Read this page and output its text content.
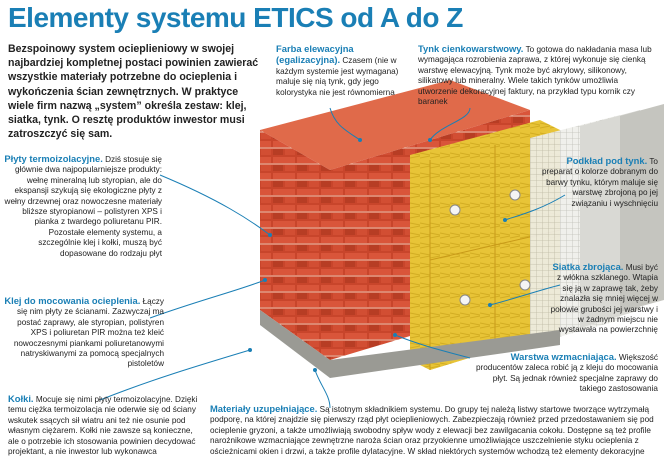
Elementy systemu ETICS od A do Z
Bezspoinowy system ocieplieniowy w swojej najbardziej kompletnej postaci powinien zawierać wszystkie materiały potrzebne do ocieplenia i wykończenia ścian zewnętrznych. W praktyce wiele firm nazwą „system” określa zestaw: klej, siatka, tynk. O resztę produktów inwestor musi zatroszczyć się sam.
Farba elewacyjna (egalizacyjna). Czasem (nie w każdym systemie jest wymagana) maluje się nią tynk, gdy jego kolorystyka nie jest równomierna
Tynk cienkowarstwowy. To gotowa do nakładania masa lub wymagająca rozrobienia zaprawa, z której wykonuje się cienką warstwę elewacyjną. Tynk może być akrylowy, silikonowy, silikatowy lub mineralny. Wiele takich tynków umożliwia utworzenie dekoracyjnej faktury, na przykład typu kornik czy baranek
Płyty termoizolacyjne. Dziś stosuje się głównie dwa najpopularniejsze produkty: wełnę mineralną lub styropian, ale do ekspansji szykują się ekologiczne płyty z wełny drzewnej oraz nowoczesne materiały bliższe styropianowi – polistyren XPS i pianka z twardego poliuretanu PIR. Pozostałe elementy systemu, a szczególnie klej i kołki, muszą być dopasowane do rodzaju płyt
Podkład pod tynk. To preparat o kolorze dobranym do barwy tynku, którym maluje się warstwę zbrojoną po jej związaniu i wyschnięciu
Klej do mocowania ocieplenia. Łączy się nim płyty ze ścianami. Zazwyczaj ma postać zaprawy, ale styropian, polistyren XPS i poliuretan PIR można też kleić nowoczesnymi piankami poliuretanowymi natryskiwanymi za pomocą specjalnych pistoletów
Siatka zbrojąca. Musi być z włókna szklanego. Wtapia się ją w zaprawę tak, żeby znalazła się mniej więcej w połowie grubości jej warstwy i w żadnym miejscu nie wystawała na powierzchnię
Warstwa wzmacniająca. Większość producentów zaleca robić ją z kleju do mocowania płyt. Są jednak również specjalne zaprawy do takiego zastosowania
Kołki. Mocuje się nimi płyty termoizolacyjne. Dzięki temu ciężka termoizolacja nie oderwie się od ściany wskutek ssących sił wiatru ani też nie osunie pod własnym ciężarem. Kołki nie zawsze są konieczne, ale o potrzebie ich stosowania powinien decydować projektant, a nie inwestor lub wykonawca
Materiały uzupełniające. Są istotnym składnikiem systemu. Do grupy tej należą listwy startowe tworzące wytrzymałą podporę, na której znajdzie się pierwszy rząd płyt ocieplieniowych. Zabezpieczają również przed przedostawaniem się pod ocieplenie gryzoni, a także umożliwiają swobodny spływ wody z elewacji bez zawilgacania cokołu. Dostępne są też profile narożnikowe wzmacniające zewnętrzne naroża ścian oraz przyokienne umożliwiające uszczelnienie styku ocieplenia z ościeżnicami okien i drzwi, a także profile dylatacyjne. W skład niektórych systemów wchodzą też elementy dekoracyjne
